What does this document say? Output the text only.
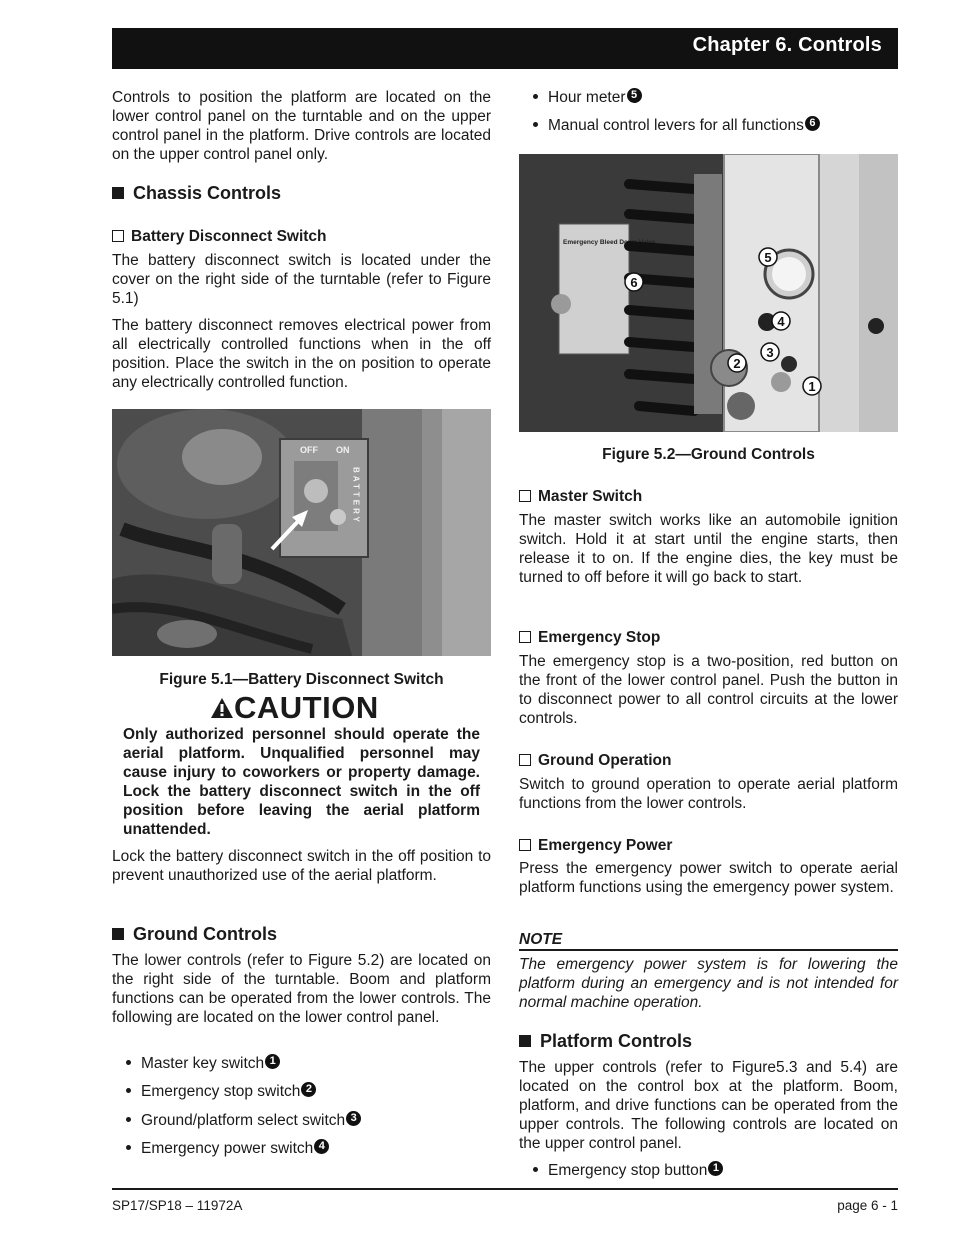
Chapter 6. Controls

Controls to position the platform are located on the lower control panel on the turntable and on the upper control panel in the platform. Drive controls are located on the upper control panel only.

Chassis Controls
Battery Disconnect Switch

The battery disconnect switch is located under the cover on the right side of the turntable (refer to Figure 5.1)

The battery disconnect removes electrical power from all electrically controlled functions when in the off position. Place the switch in the on position to operate any electrically controlled function.

OFF ON
BATTERY
Figure 5.1—Battery Disconnect Switch
CAUTION
Only authorized personnel should operate the aerial platform. Unqualified personnel may cause injury to coworkers or property damage. Lock the battery disconnect switch in the off position before leaving the aerial platform unattended.

Lock the battery disconnect switch in the off position to prevent unauthorized use of the aerial platform.

Ground Controls

The lower controls (refer to Figure 5.2) are located on the right side of the turntable. Boom and platform functions can be operated from the lower controls. The following are located on the lower control panel.

Master key switch 1
Emergency stop switch 2
Ground/platform select switch 3
Emergency power switch 4
Hour meter 5
Manual control levers for all functions 6
Emergency Bleed Down Valve
1
2
3
4
5
6
Figure 5.2—Ground Controls
Master Switch

The master switch works like an automobile ignition switch. Hold it at start until the engine starts, then release it to on. If the engine dies, the key must be turned to off before it will go back to start.

Emergency Stop

The emergency stop is a two-position, red button on the front of the lower control panel. Push the button in to disconnect power to all control circuits at the lower controls.

Ground Operation

Switch to ground operation to operate aerial platform functions from the lower controls.

Emergency Power

Press the emergency power switch to operate aerial platform functions using the emergency power system.

NOTE

The emergency power system is for lowering the platform during an emergency and is not intended for normal machine operation.

Platform Controls

The upper controls (refer to Figure5.3 and 5.4) are located on the control box at the platform. Boom, platform, and drive functions can be operated from the upper controls. The following controls are located on the upper control panel.

Emergency stop button 1
SP17/SP18 – 11972A	page 6 - 1
